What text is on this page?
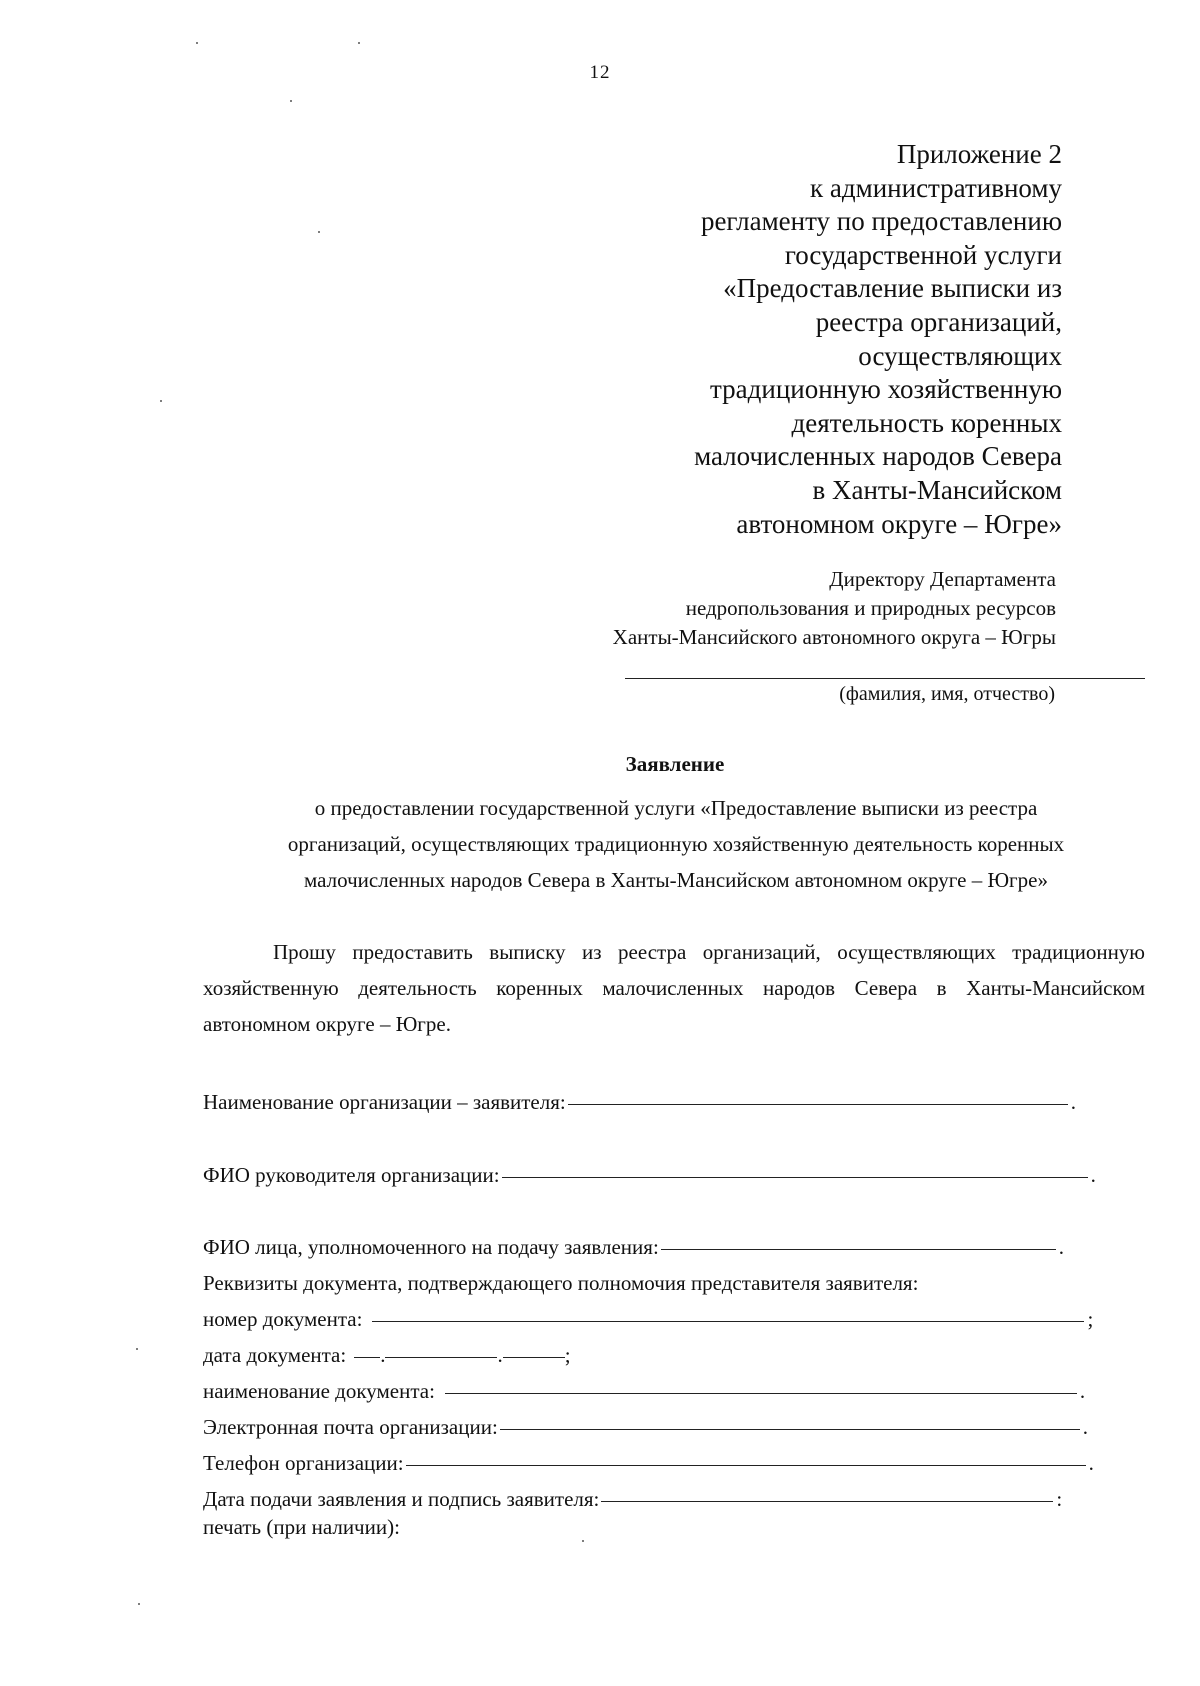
12
Приложение 2
к административному
регламенту по предоставлению
государственной услуги
«Предоставление выписки из
реестра организаций,
осуществляющих
традиционную хозяйственную
деятельность коренных
малочисленных народов Севера
в Ханты-Мансийском
автономном округе – Югре»
Директору Департамента
недропользования и природных ресурсов
Ханты-Мансийского автономного округа – Югры
(фамилия, имя, отчество)
Заявление
о предоставлении государственной услуги «Предоставление выписки из реестра
организаций, осуществляющих традиционную хозяйственную деятельность коренных
малочисленных народов Севера в Ханты-Мансийском автономном округе – Югре»
Прошу предоставить выписку из реестра организаций, осуществляющих традиционную хозяйственную деятельность коренных малочисленных народов Севера в Ханты-Мансийском автономном округе – Югре.
Наименование организации – заявителя:	.
ФИО руководителя организации:	.
ФИО лица, уполномоченного на подачу заявления:	.
Реквизиты документа, подтверждающего полномочия представителя заявителя:
номер документа:	;
дата документа: .	.	;
наименование документа:	.
Электронная почта организации:	.
Телефон организации:	.
Дата подачи заявления и подпись заявителя:	:
печать (при наличии):
